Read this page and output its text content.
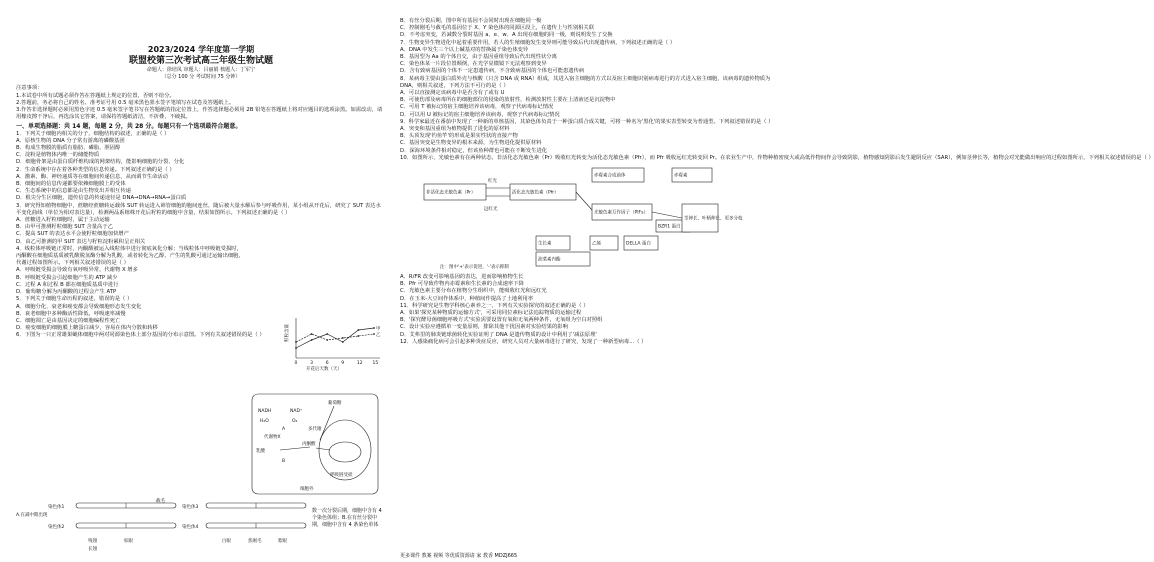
2023/2024 学年度第一学期
联盟校第三次考试高三年级生物试题
命题人：徐培凤 审题人：吕丽娟 核题人：丁军宁
（总分 100 分 考试时间 75 分钟）
注意事项：
1.本试卷中所有试题必须作答在答题纸上规定的位置，否则不给分。
2.答题前，务必将自己的姓名、准考证号用 0.5 毫米黑色墨水签字笔填写在试卷及答题纸上。
3.作答非选择题时必须用黑色字迹 0.5 毫米签字笔书写在答题纸的指定位置上，作答选择题必须用 2B 铅笔在答题纸上将对应题目的选项涂黑。如需改动，请用橡皮擦干净后，再选涂其它答案，请保持答题纸清洁，不折叠、不破损。
一、单项选择题：共 14 题，每题 2 分，共 28 分。每题只有一个选项最符合题意。
1．下列关于细胞内相关的分子，细胞结构的叙述，正确的是（ ）
A．原核生物的 DNA 分子常有游离的磷酸基团
B．构成生物膜的脂质有脂肪、磷脂、胆固醇
C．淀粉是植物体内唯一的储能物质
D．细胞骨架是由蛋白质纤维构成的网架结构，能影响细胞的分裂、分化
2．生命系统中存在着各种类型的信息传递。下列叙述正确的是（ ）
A．激素、酶、神经递质等在细胞间传递信息，从而调节生命活动
B．细胞间的信息传递都要依赖细胞膜上的受体
C．生态系统中的信息都是由生物发出并相互传递
D．根尖分生区细胞，遗传信息的传递途径是 DNA→DNA→RNA→蛋白质
3．研究得知植物细胞中，蔗糖经蔗糖转运载体 SUT 转运进入筛管细胞的胞间连丝，随后被大量水解后参与呼吸作用，某小组从开花后，研究了 SUT 表达水平变化曲线（单位为相对表达量），检测两品系植株开花后籽粒的细胞中含量，结果如图所示。下列叙述正确的是（ ）
籽粒含量
开花后天数（天）
0	3	6	9	12 15
甲
乙
A．蔗糖进入籽粒细胞时，属于主动运输
B．由甲可推测籽粒细胞 SUT 含量高于乙
C．提高 SUT 的表达水平会使籽粒细胞加快增产
D．由乙可推测的甲 SUT 表达与籽粒淀粉累积呈正相关
4．线粒体呼吸链正常时，丙酮酸被运入线粒体中进行彻底氧化分解；当线粒体中呼吸链受损时，丙酮酸在细胞质基质被乳酸脱氢酶分解为乳酸，或者转化为乙醇，产生的乳酸可通过运输出细胞，代谢过程如图所示。下列相关叙述错误的是（ ）
A．呼吸链受损会导致有氧呼吸异常，代谢物 X 增多
B．呼吸链受损会引起细胞产生的 ATP 减少
C．过程 A 和过程 B 都在细胞质基质中进行
D．葡萄糖分解为丙酮酸的过程会产生 ATP
5．下列关于细胞生命历程的叙述，错误的是（ ）
A．细胞分化、衰老和癌变都会导致细胞形态发生变化
B．衰老细胞中多种酶活性降低，呼吸速率减慢
C．细胞凋亡是由基因决定的细胞编程性死亡
D．癌变细胞的细胞膜上糖蛋白减少，容易在体内分散和转移
6．下图为一只正常雄果蝇体细胞中两对同源染色体上部分基因的分布示意图。下列有关叙述错误的是（ ）
葡萄糖
丙酮酸
乳酸
呼吸链受损
细胞外
A
B
代谢物X
NADH	NAD⁺
H₂O	O₂
多代谢
残翅	棕眼
截毛
长翅
白眼	焦刚毛	紫眼
A.在减中期出现
染色体1
染色体2
染色体3
染色体4
数一次分裂后期，细胞中含有 4 个染色体组；B.在有丝分裂中期，细胞中含有 4 条染色单体
B．有丝分裂后期，图中所有基因不会同时出现在细胞同一极
C．控制刚毛与截毛的基因位于 X、Y 染色体的同源区段上，在遗传上与性别相关联
D．不考虑突变，若减数分裂时基因 a、e、w、A 出现在细胞的同一极，则说明发生了交换
7．生物变异生物进化中起着重要作用，若人的生殖细胞发生变异则可能导致后代出现遗传病，下列叙述正确的是（ ）
A．DNA 中发生三个以上碱基对的替换属于染色体变异
B．基因型为 Aa 的个体自交，由于基因重组导致后代出现性状分离
C．染色体某一片段位置颠倒，在光学显微镜下无法观察到变异
D．含有致病基因的个体不一定患遗传病，不含致病基因的个体也可能患遗传病
8．某病毒主要由蛋白质外壳与核酸（只含 DNA 或 RNA）组成，其进入宿主细胞的方式以及宿主细胞识别病毒进行的方式进入宿主细胞，该病毒的遗传物质为 DNA，则相关叙述，下列方法不可行的是（ ）
A．可以直接测定该病毒中是否含有了或有 U
B．可使伤部及病毒所在的细胞部位的侵染的放射性，检测放射性主要在上清液还是沉淀物中
C．可用 T 被标记的宿主细胞培养该病毒，观察子代病毒标记情况
D．可以用 U 被标记的宿主细胞培养该病毒，观察子代病毒标记情况
9．科学家最近在番茄中发现了一种新的单核基因，其染色体负责于一种蛋白质合成关键，可将一种名为'黑化'的果实表型转变为普通型。下列叙述错误的是（ ）
A．突变和基因重组为植物提供了进化的原材料
B．头顶发现'钓鱼竿'的形成是果实性状的直接产物
C．基因突变是生物变异的根本来源，为生物进化提供原材料
D．深海环境条件相对稳定，但该鱼种群也可能在不断发生进化
10．如图所示，光敏色素有在两种状态，非活化态光敏色素（Pr）吸收红光转变为活化态光敏色素（Pfr），而 Pfr 吸收远红光转变回 Pr。在农业生产中，作物种植密度大或高低作物间作会导致阴影，植物感知阴影后发生避阴反应（SAR），例如茎伸长等，植物会对光能做出响应的过程如图所示，下列相关叙述错误的是（ ）
非活化态光敏色素（Pr）	活化态光敏色素（Pfr）
光敏色素互作因子（PIFs）
赤霉素合成前体	赤霉素
乙烯	DELLA 蛋白
BZR1 蛋白
生长素
油菜素内酯
茎伸长、叶柄伸长、更多分枝
红光
远红光
注：图中'+'表示促进，'-'表示抑制
A．R/FR 改变可影响基因的表达，进而影响植物生长
B．Pfr 可导致作物内赤霉素和生长素的合成速率下降
C．光敏色素主要分布在植物分生组织中，能吸收红光和远红光
D．在玉米-大豆间作体系中，种植间作提高了土地利用率
11．科学研究是生物学科核心素养之一，下列有关实验探究的叙述正确的是（ ）
A．如果'探究某种物质的运输方式'，可采用同位素标记法追踪物质的运输过程
B．'探究酵母菌细胞呼吸方式'实验需要设置有氧和无氧两种条件，无氧组为空白对照组
C．设计实验应遵循单一变量原则，排除其他干扰因素对实验结果的影响
D．艾弗里的肺炎链球菌转化实验证明了 DNA 是遗传物质的设计中利用了'减法原理'
12．人感染痛化病可会引起多种炎症反应，研究人员对大量病毒进行了研究，发现了一种新型病毒...（ ）
更多课件 教案 视频 等优质资源请 家 教香 MDZJ665
